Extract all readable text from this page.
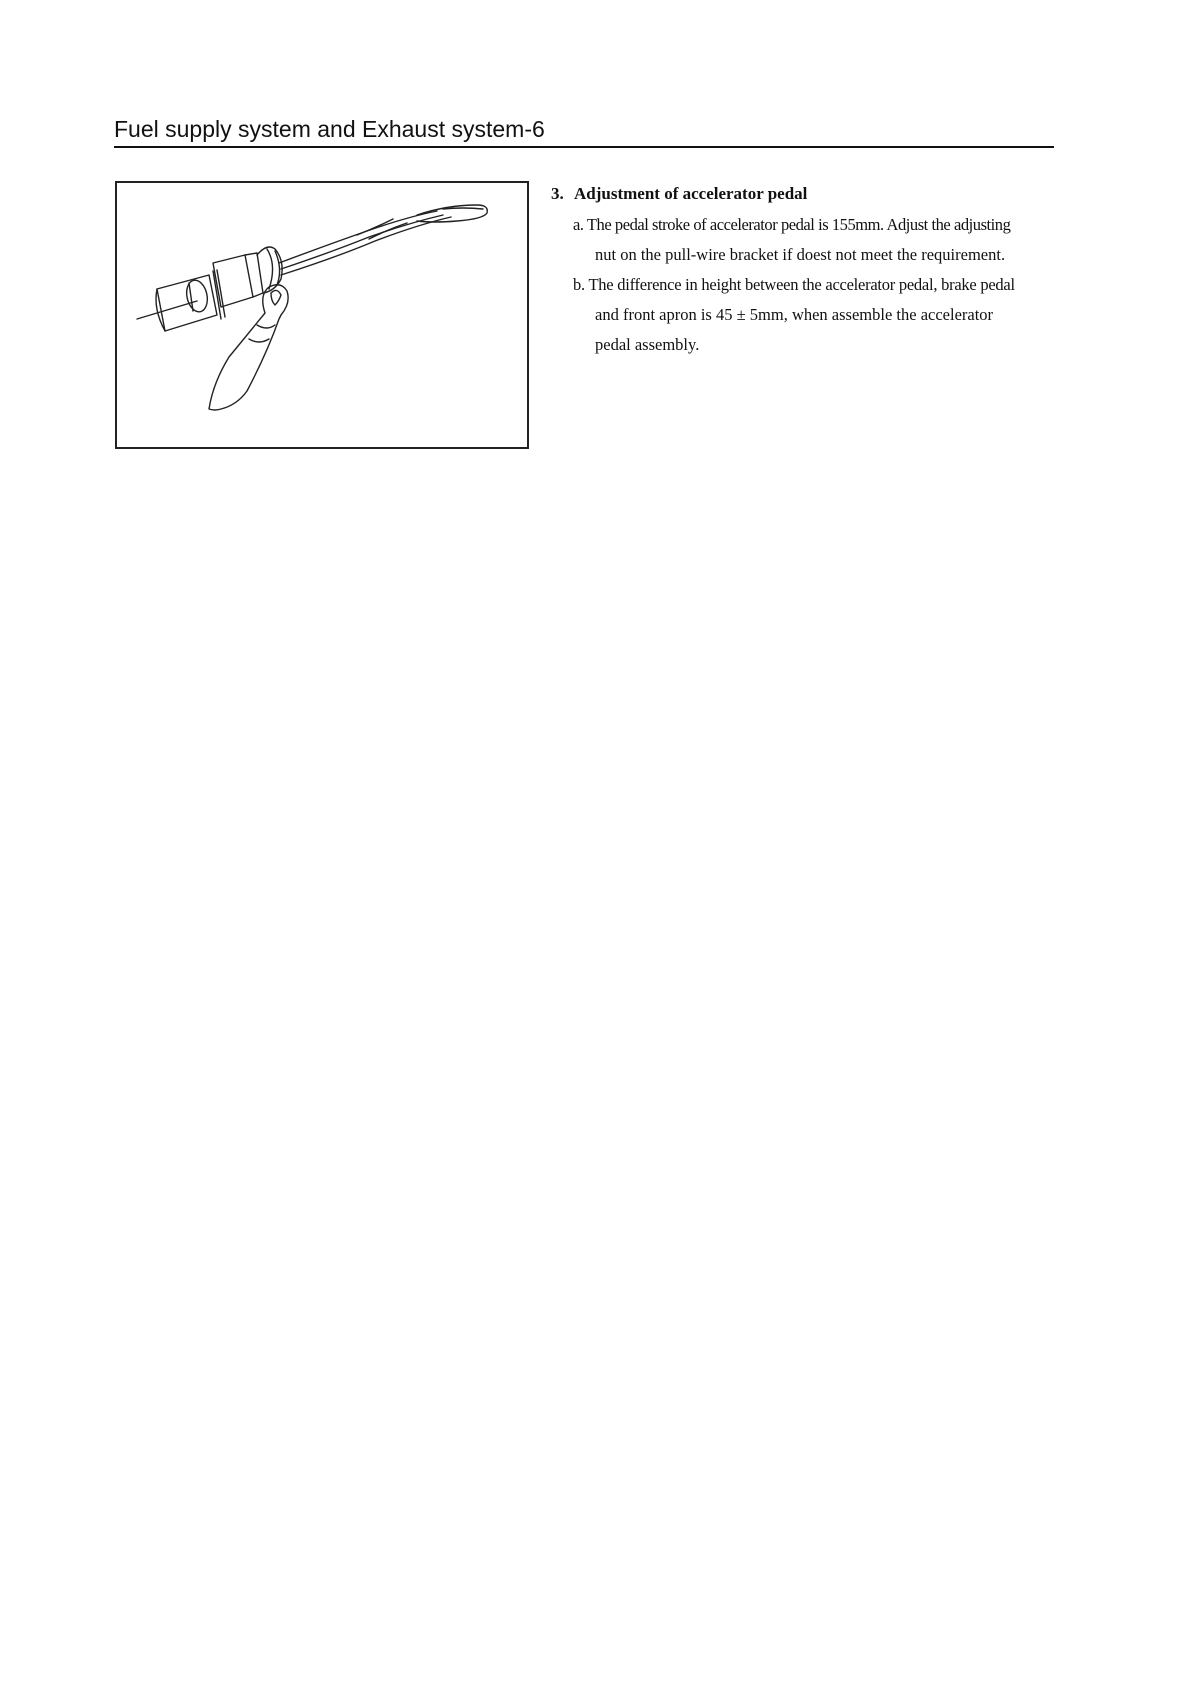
Fuel supply system and Exhaust system-6
3. Adjustment of accelerator pedal
a. The pedal stroke of accelerator pedal is 155mm. Adjust the adjusting
nut on the pull-wire bracket if doest not meet the requirement.
b. The difference in height between the accelerator pedal, brake pedal
and front apron is 45 ± 5mm, when assemble the accelerator
pedal assembly.
